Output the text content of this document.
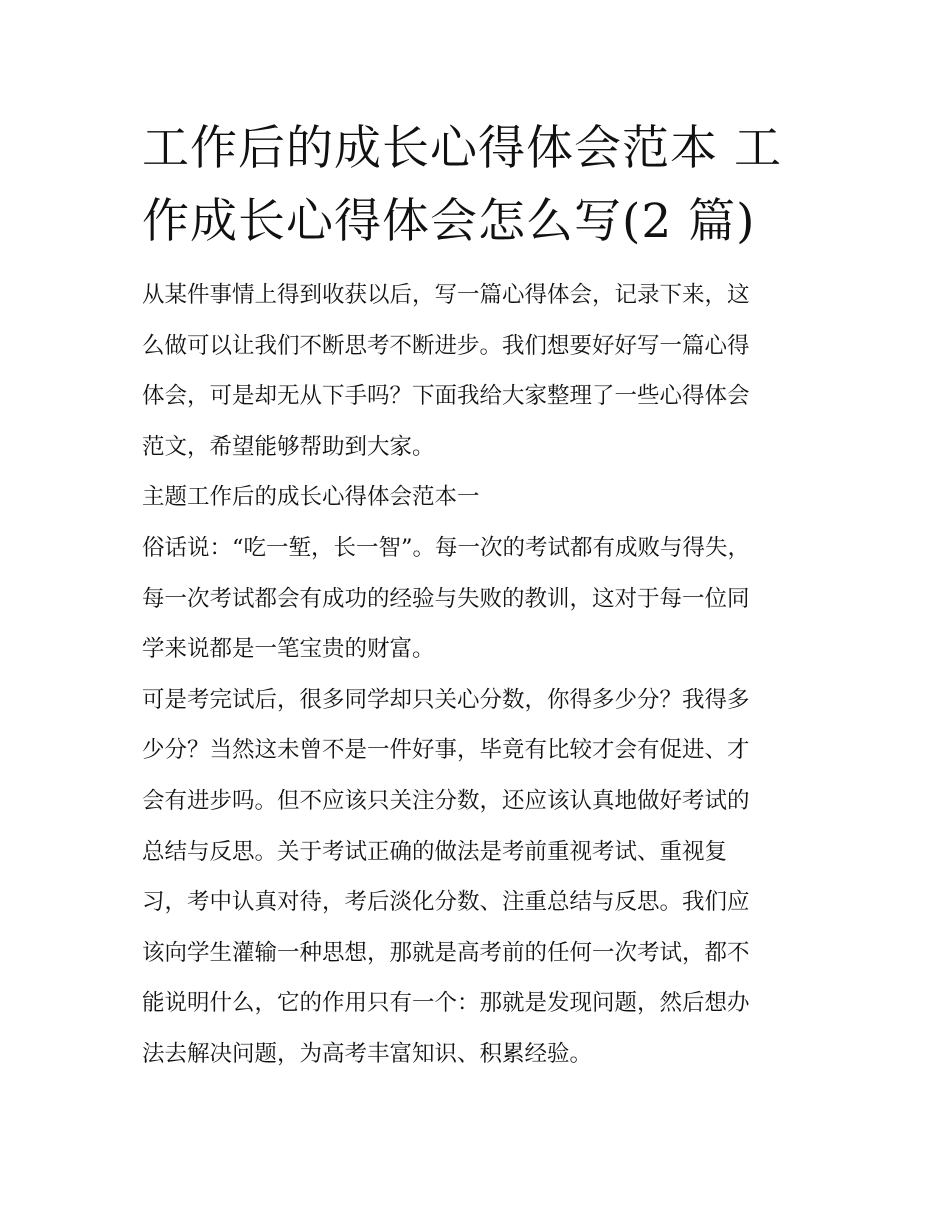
工作后的成长心得体会范本 工
作成长心得体会怎么写(2 篇)
从某件事情上得到收获以后，写一篇心得体会，记录下来，这
么做可以让我们不断思考不断进步。我们想要好好写一篇心得
体会，可是却无从下手吗？下面我给大家整理了一些心得体会
范文，希望能够帮助到大家。
主题工作后的成长心得体会范本一
俗话说：“吃一堑，长一智”。每一次的考试都有成败与得失，
每一次考试都会有成功的经验与失败的教训，这对于每一位同
学来说都是一笔宝贵的财富。
可是考完试后，很多同学却只关心分数，你得多少分？我得多
少分？当然这未曾不是一件好事，毕竟有比较才会有促进、才
会有进步吗。但不应该只关注分数，还应该认真地做好考试的
总结与反思。关于考试正确的做法是考前重视考试、重视复
习，考中认真对待，考后淡化分数、注重总结与反思。我们应
该向学生灌输一种思想，那就是高考前的任何一次考试，都不
能说明什么，它的作用只有一个：那就是发现问题，然后想办
法去解决问题，为高考丰富知识、积累经验。
